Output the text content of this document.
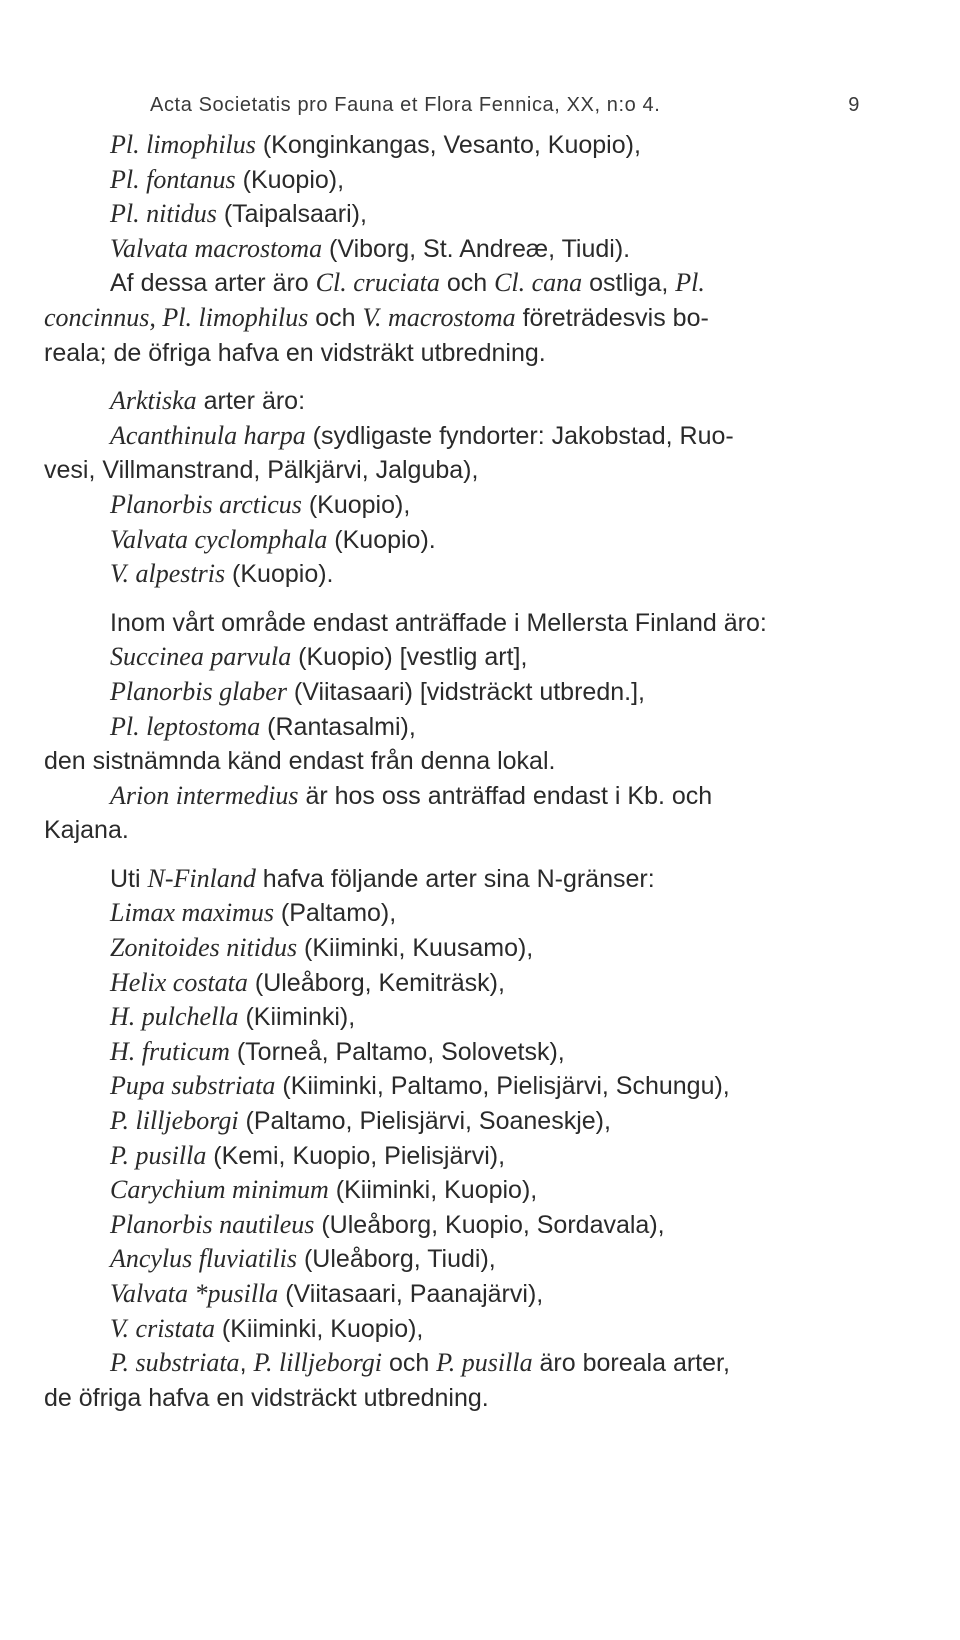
Acta Societatis pro Fauna et Flora Fennica, XX, n:o 4.	9
Pl. limophilus (Konginkangas, Vesanto, Kuopio),
Pl. fontanus (Kuopio),
Pl. nitidus (Taipalsaari),
Valvata macrostoma (Viborg, St. Andreæ, Tiudi).
Af dessa arter äro Cl. cruciata och Cl. cana ostliga, Pl.
concinnus, Pl. limophilus och V. macrostoma företrädesvis bo-
reala; de öfriga hafva en vidsträkt utbredning.
Arktiska arter äro:
Acanthinula harpa (sydligaste fyndorter: Jakobstad, Ruo-
vesi, Villmanstrand, Pälkjärvi, Jalguba),
Planorbis arcticus (Kuopio),
Valvata cyclomphala (Kuopio).
V. alpestris (Kuopio).
Inom vårt område endast anträffade i Mellersta Finland äro:
Succinea parvula (Kuopio) [vestlig art],
Planorbis glaber (Viitasaari) [vidsträckt utbredn.],
Pl. leptostoma (Rantasalmi),
den sistnämnda känd endast från denna lokal.
Arion intermedius är hos oss anträffad endast i Kb. och
Kajana.
Uti N-Finland hafva följande arter sina N-gränser:
Limax maximus (Paltamo),
Zonitoides nitidus (Kiiminki, Kuusamo),
Helix costata (Uleåborg, Kemiträsk),
H. pulchella (Kiiminki),
H. fruticum (Torneå, Paltamo, Solovetsk),
Pupa substriata (Kiiminki, Paltamo, Pielisjärvi, Schungu),
P. lilljeborgi (Paltamo, Pielisjärvi, Soaneskje),
P. pusilla (Kemi, Kuopio, Pielisjärvi),
Carychium minimum (Kiiminki, Kuopio),
Planorbis nautileus (Uleåborg, Kuopio, Sordavala),
Ancylus fluviatilis (Uleåborg, Tiudi),
Valvata *pusilla (Viitasaari, Paanajärvi),
V. cristata (Kiiminki, Kuopio),
P. substriata, P. lilljeborgi och P. pusilla äro boreala arter,
de öfriga hafva en vidsträckt utbredning.
